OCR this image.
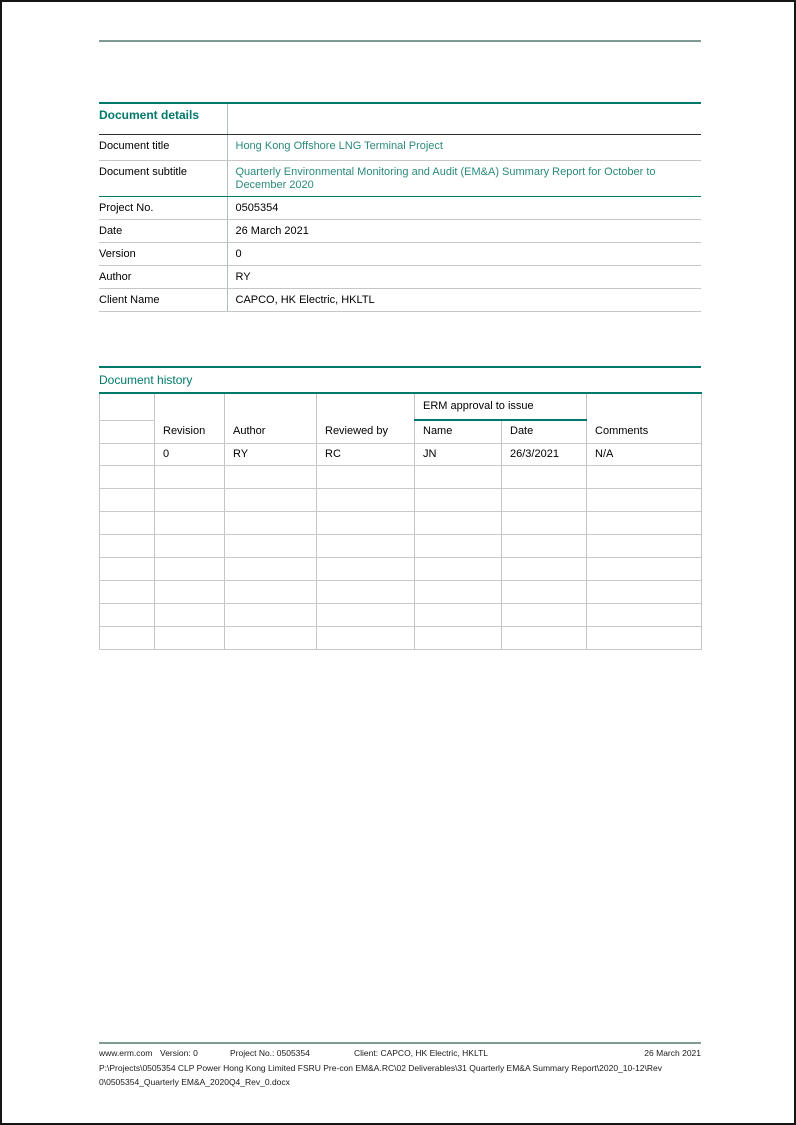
Document details	
Document title	Hong Kong Offshore LNG Terminal Project
Document subtitle	Quarterly Environmental Monitoring and Audit (EM&A) Summary Report for October to December 2020
Project No.	0505354
Date	26 March 2021
Version	0
Author	RY
Client Name	CAPCO, HK Electric, HKLTL
Document history
				ERM approval to issue		
	Revision	Author	Reviewed by	Name	Date	Comments
	0	RY	RC	JN	26/3/2021	N/A

www.erm.com Version: 0	Project No.: 0505354	Client: CAPCO, HK Electric, HKLTL	26 March 2021
P:\Projects\0505354 CLP Power Hong Kong Limited FSRU Pre-con EM&A.RC\02 Deliverables\31 Quarterly EM&A Summary Report\2020_10-12\Rev
0\0505354_Quarterly EM&A_2020Q4_Rev_0.docx
